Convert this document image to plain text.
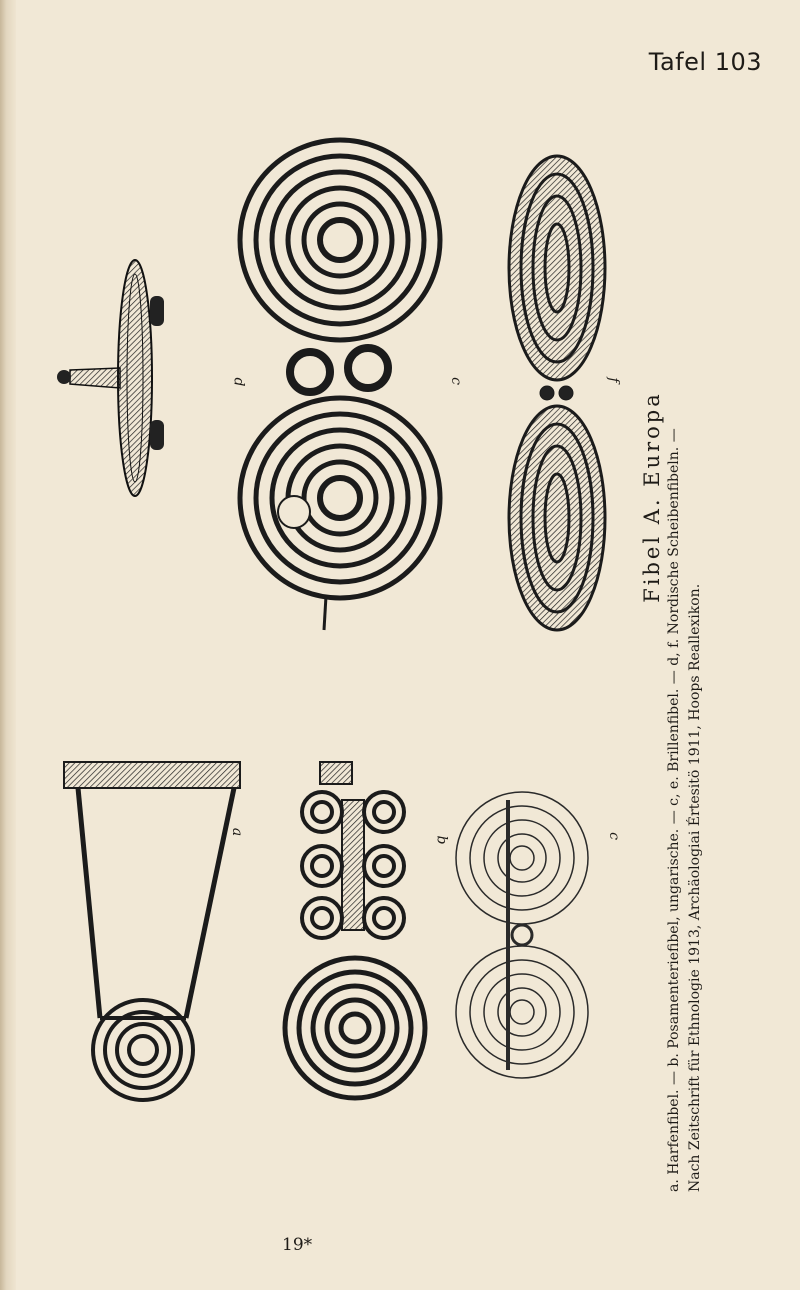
Tafel 103
d	c	f
a
b	c
Fibel A. Europa a. Harfenfibel. — b. Posamenteriefibel, ungarische. — c, e. Brillenfibel. — d, f. Nordische Scheibenfibeln. — Nach Zeitschrift für Ethnologie 1913, Archäologiai Értesitö 1911, Hoops Reallexikon.
19*
